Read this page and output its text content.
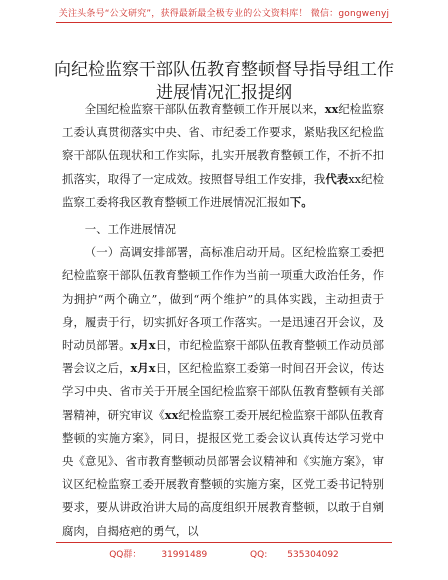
关注头条号“公文研究”，获得最新最全极专业的公文资料库！ 微信：gongwenyj
向纪检监察干部队伍教育整顿督导指导组工作
进展情况汇报提纲

全国纪检监察干部队伍教育整顿工作开展以来，xx纪检监察工委认真贯彻落实中央、省、市纪委工作要求，紧贴我区纪检监察干部队伍现状和工作实际，扎实开展教育整顿工作，不折不扣抓落实，取得了一定成效。按照督导组工作安排，我代表xx纪检监察工委将我区教育整顿工作进展情况汇报如下。

一、工作进展情况

（一）高调安排部署，高标准启动开局。区纪检监察工委把纪检监察干部队伍教育整顿工作作为当前一项重大政治任务，作为拥护“两个确立”，做到“两个维护”的具体实践，主动担责于身，履责于行，切实抓好各项工作落实。一是迅速召开会议，及时动员部署。x月x日，市纪检监察干部队伍教育整顿工作动员部署会议之后，x月x日，区纪检监察工委第一时间召开会议，传达学习中央、省市关于开展全国纪检监察干部队伍教育整顿有关部署精神，研究审议《xx纪检监察工委开展纪检监察干部队伍教育整顿的实施方案》，同日，提报区党工委会议认真传达学习党中央《意见》、省市教育整顿动员部署会议精神和《实施方案》，审议区纪检监察工委开展教育整顿的实施方案，区党工委书记特别要求，要从讲政治讲大局的高度组织开展教育整顿，以敢于自剜腐肉，自揭疮疤的勇气，以

QQ群： 31991489	QQ: 535304092
